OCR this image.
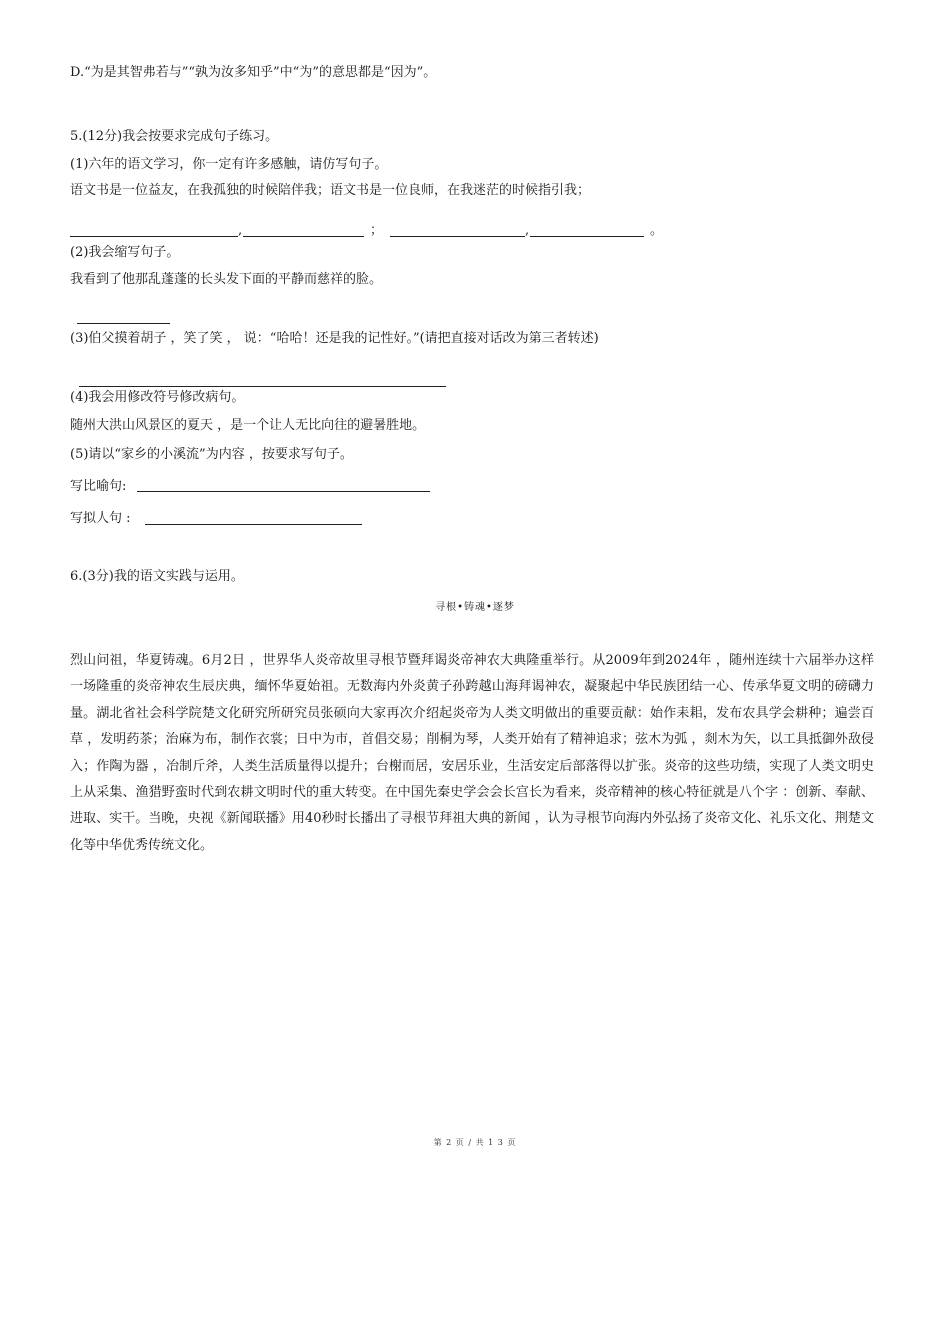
D.“为是其智弗若与”“孰为汝多知乎”中“为”的意思都是“因为”。
5.(12分)我会按要求完成句子练习。
(1)六年的语文学习，你一定有许多感触，请仿写句子。
语文书是一位益友，在我孤独的时候陪伴我；语文书是一位良师，在我迷茫的时候指引我；
,	；	,	。
(2)我会缩写句子。
我看到了他那乱蓬蓬的长头发下面的平静而慈祥的脸。
(3)伯父摸着胡子 ，笑了笑 ， 说：“哈哈！还是我的记性好。”(请把直接对话改为第三者转述)
(4)我会用修改符号修改病句。
随州大洪山风景区的夏天 ，是一个让人无比向往的避暑胜地。
(5)请以“家乡的小溪流”为内容 ，按要求写句子。
写比喻句:
写拟人句 :
6.(3分)我的语文实践与运用。
寻根•铸魂•逐梦
烈山问祖，华夏铸魂。6月2日 ，世界华人炎帝故里寻根节暨拜谒炎帝神农大典隆重举行。从2009年到2024年 ，随州连续十六届举办这样一场隆重的炎帝神农生辰庆典，缅怀华夏始祖。无数海内外炎黄子孙跨越山海拜谒神农，凝聚起中华民族团结一心、传承华夏文明的磅礴力量。湖北省社会科学院楚文化研究所研究员张硕向大家再次介绍起炎帝为人类文明做出的重要贡献：始作耒耜，发布农具学会耕种；遍尝百草 ，发明药茶；治麻为布，制作衣裳；日中为市，首倡交易；削桐为琴，人类开始有了精神追求；弦木为弧 ，剡木为矢，以工具抵御外敌侵入；作陶为器 ，冶制斤斧，人类生活质量得以提升；台榭而居，安居乐业，生活安定后部落得以扩张。炎帝的这些功绩，实现了人类文明史上从采集、渔猎野蛮时代到农耕文明时代的重大转变。在中国先秦史学会会长宫长为看来，炎帝精神的核心特征就是八个字 ：创新、奉献、进取、实干。当晚，央视《新闻联播》用40秒时长播出了寻根节拜祖大典的新闻 ，认为寻根节向海内外弘扬了炎帝文化、礼乐文化、荆楚文化等中华优秀传统文化。
第 2 页 / 共 1 3 页
